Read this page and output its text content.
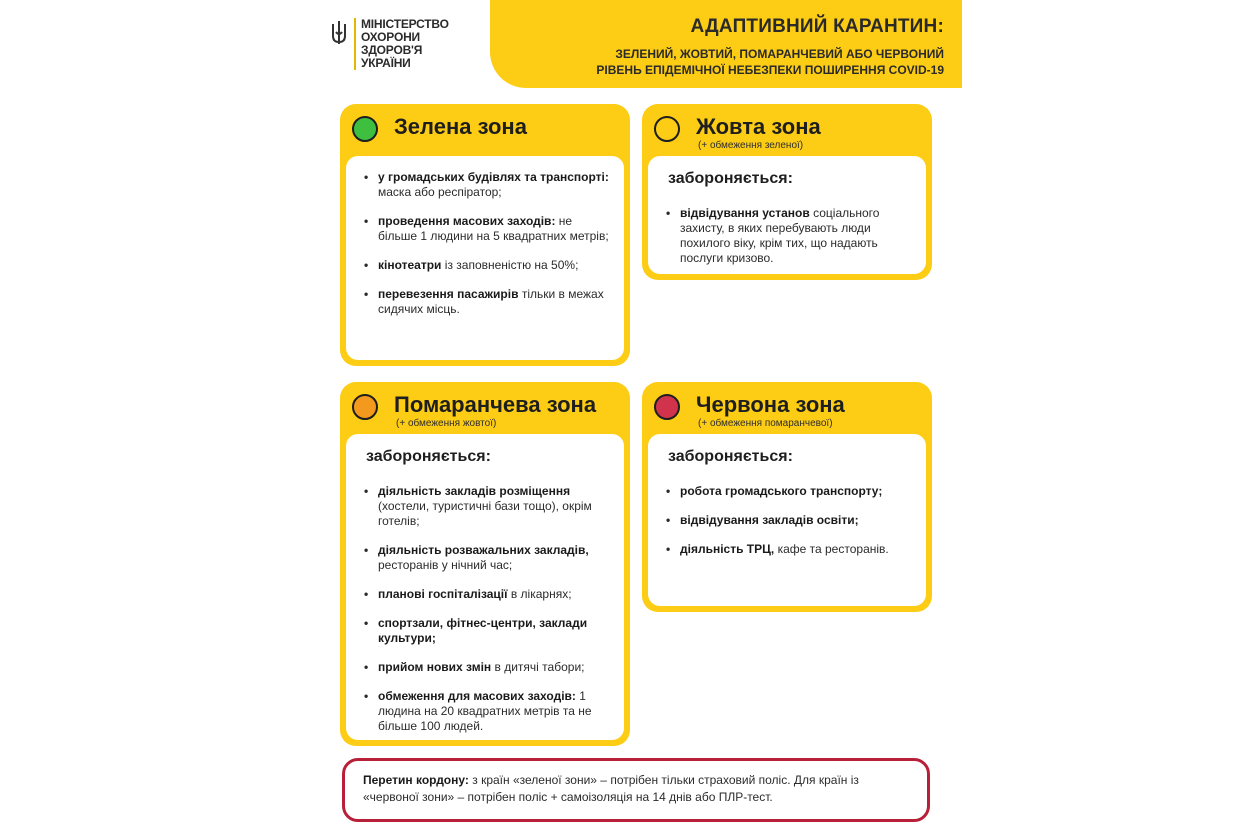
МІНІСТЕРСТВО
ОХОРОНИ
ЗДОРОВ'Я
УКРАЇНИ
АДАПТИВНИЙ КАРАНТИН:
ЗЕЛЕНИЙ, ЖОВТИЙ, ПОМАРАНЧЕВИЙ АБО ЧЕРВОНИЙ
РІВЕНЬ ЕПІДЕМІЧНОЇ НЕБЕЗПЕКИ ПОШИРЕННЯ COVID-19
Зелена зона
• у громадських будівлях та транспорті: маска або респіратор;
• проведення масових заходів: не більше 1 людини на 5 квадратних метрів;
• кінотеатри із заповненістю на 50%;
• перевезення пасажирів тільки в межах сидячих місць.
Жовта зона
(+ обмеження зеленої)
забороняється:
• відвідування установ соціального захисту, в яких перебувають люди похилого віку, крім тих, що надають послуги кризово.
Помаранчева зона
(+ обмеження жовтої)
забороняється:
• діяльність закладів розміщення (хостели, туристичні бази тощо), окрім готелів;
• діяльність розважальних закладів, ресторанів у нічний час;
• планові госпіталізації в лікарнях;
• спортзали, фітнес-центри, заклади культури;
• прийом нових змін в дитячі табори;
• обмеження для масових заходів: 1 людина на 20 квадратних метрів та не більше 100 людей.
Червона зона
(+ обмеження помаранчевої)
забороняється:
• робота громадського транспорту;
• відвідування закладів освіти;
• діяльність ТРЦ, кафе та ресторанів.
Перетин кордону: з країн «зеленої зони» – потрібен тільки страховий поліс. Для країн із «червоної зони» – потрібен поліс + самоізоляція на 14 днів або ПЛР-тест.
